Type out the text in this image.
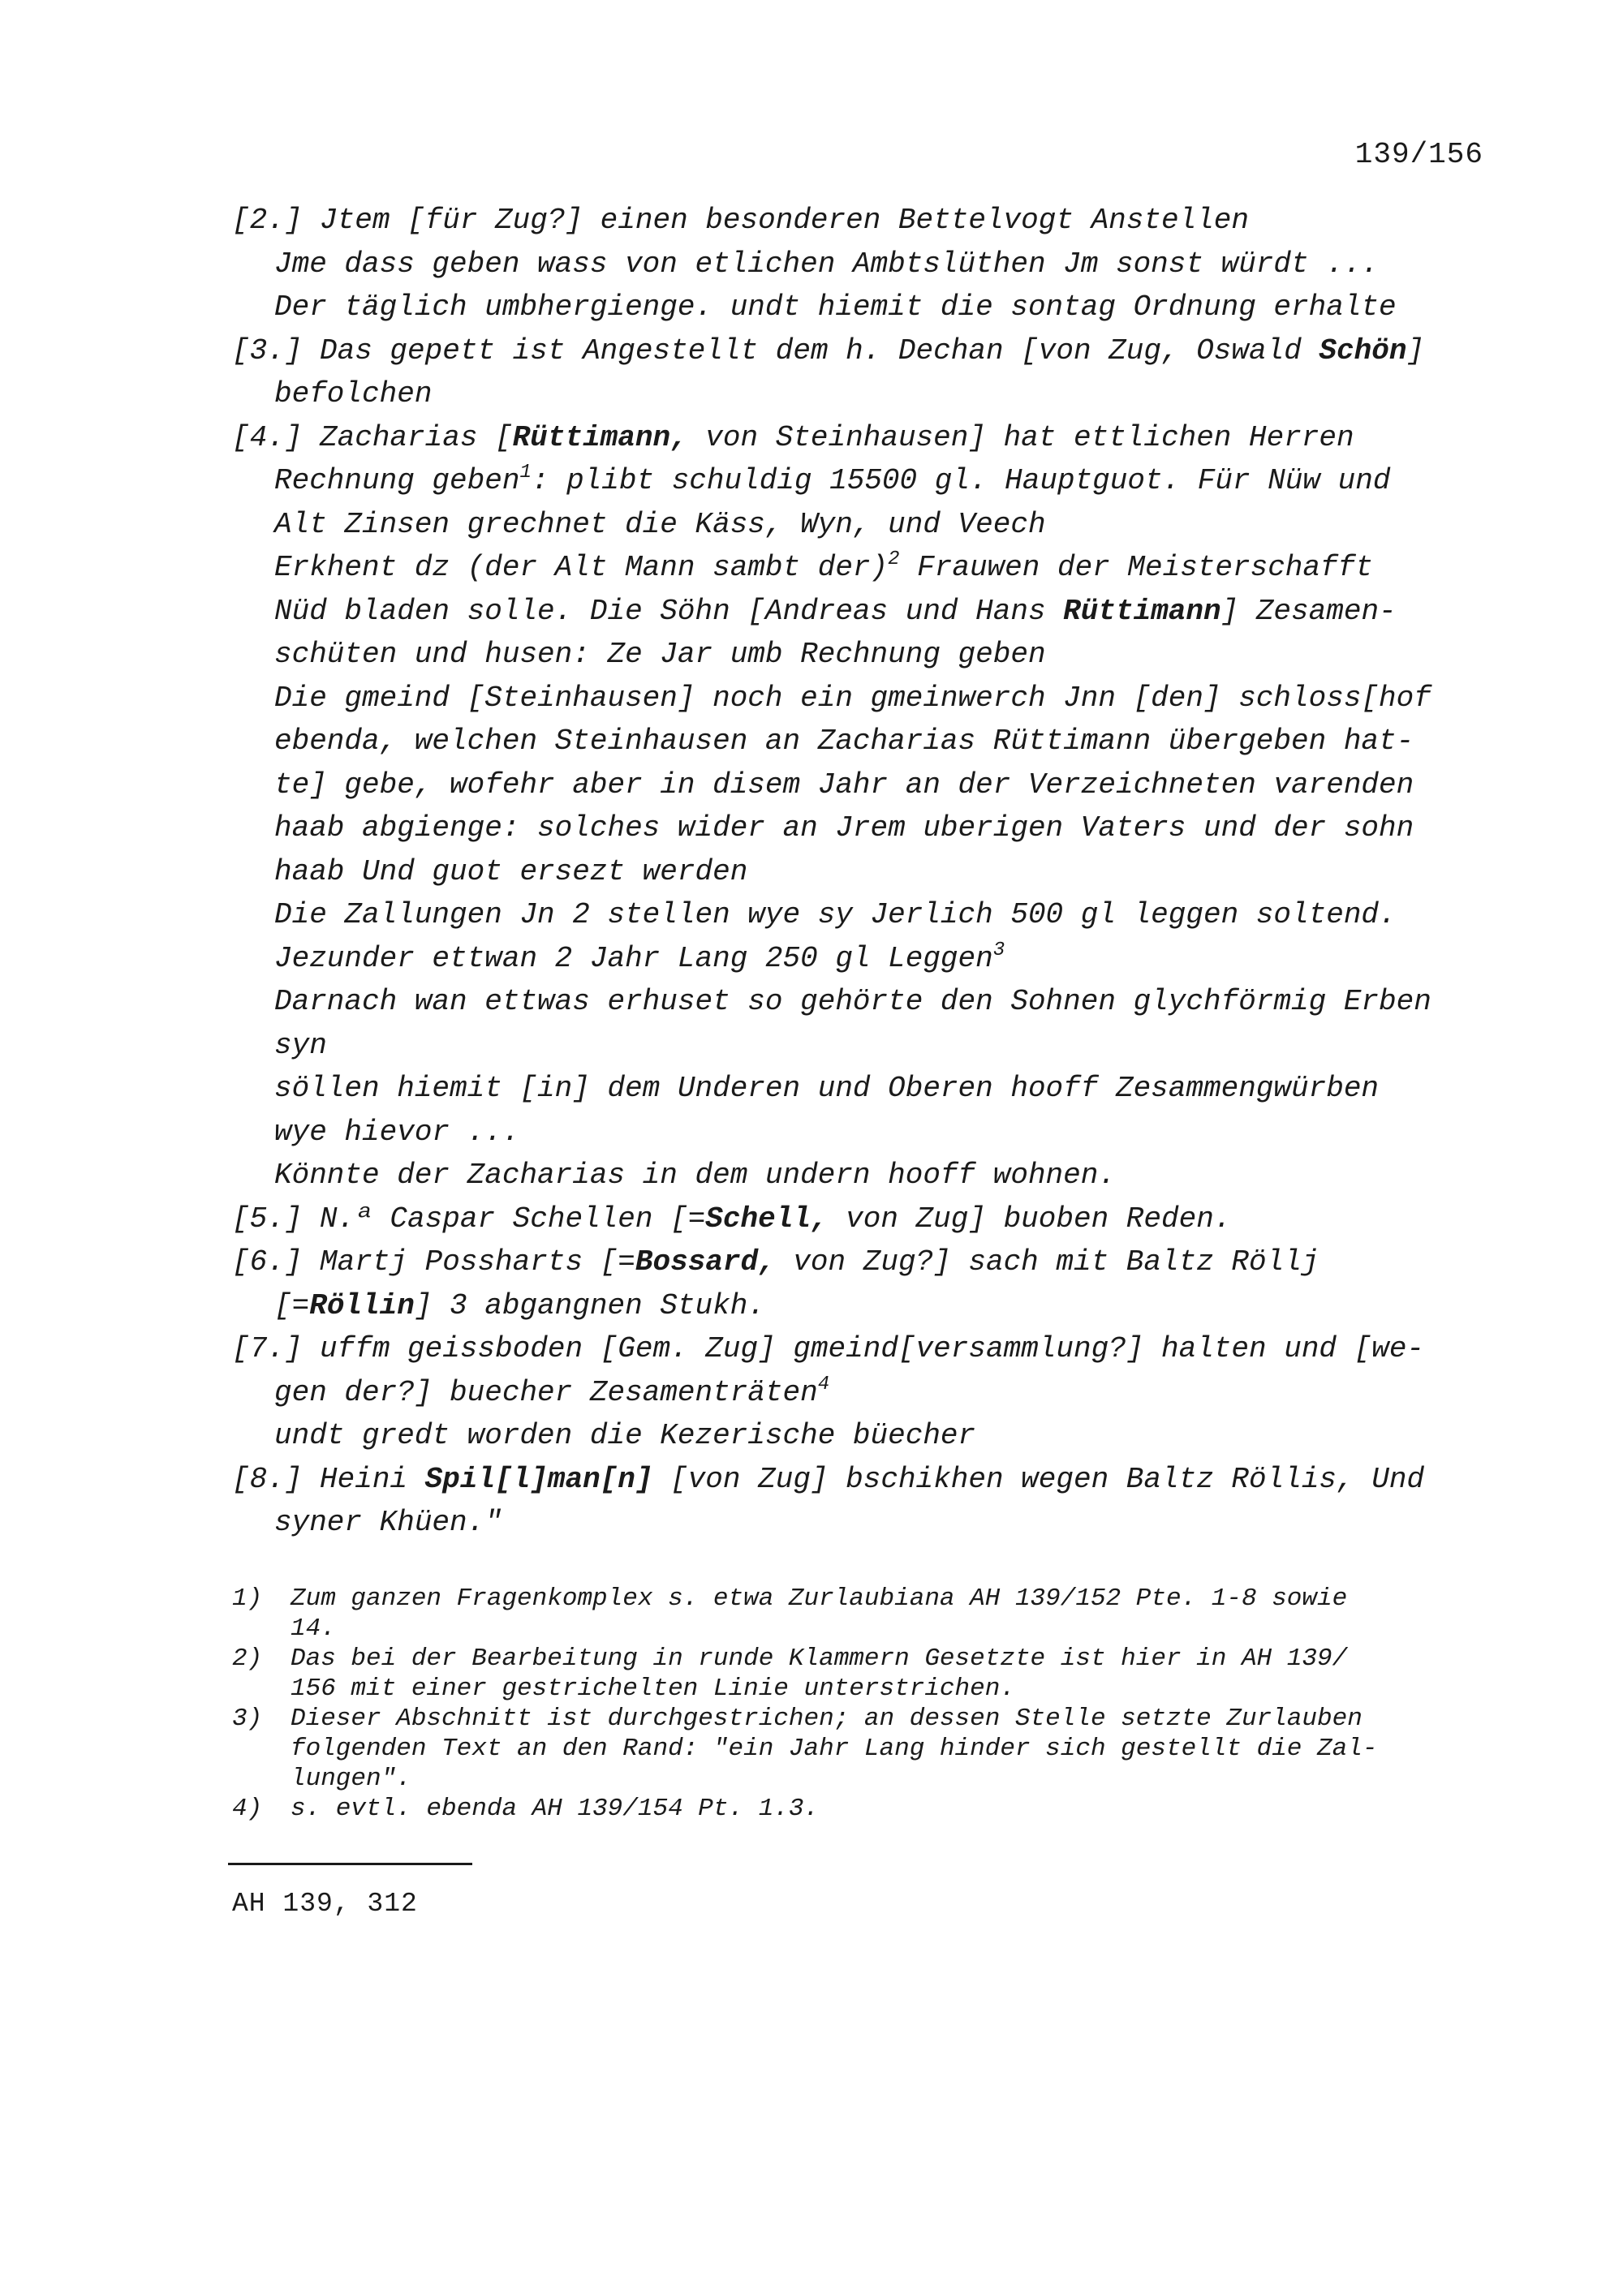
139/156
[2.] Jtem [für Zug?] einen besonderen Bettelvogt Anstellen
Jme dass geben wass von etlichen Ambtslüthen Jm sonst würdt ...
Der täglich umbhergienge. undt hiemit die sontag Ordnung erhalte
[3.] Das gepett ist Angestellt dem h. Dechan [von Zug, Oswald Schön]
befolchen
[4.] Zacharias [Rüttimann, von Steinhausen] hat ettlichen Herren
Rechnung geben$^1$: plibt schuldig 15500 gl. Hauptguot. Für Nüw und
Alt Zinsen grechnet die Käss, Wyn, und Veech
Erkhent dz (der Alt Mann sambt der)$^2$ Frauwen der Meisterschafft
Nüd bladen solle. Die Söhn [Andreas und Hans Rüttimann] Zesamen-
schüten und husen: Ze Jar umb Rechnung geben
Die gmeind [Steinhausen] noch ein gmeinwerch Jnn [den] schloss[hof
ebenda, welchen Steinhausen an Zacharias Rüttimann übergeben hat-
te] gebe, wofehr aber in disem Jahr an der Verzeichneten varenden
haab abgienge: solches wider an Jrem uberigen Vaters und der sohn
haab Und guot ersezt werden
Die Zallungen Jn 2 stellen wye sy Jerlich 500 gl leggen soltend.
Jezunder ettwan 2 Jahr Lang 250 gl Leggen$^3$
Darnach wan ettwas erhuset so gehörte den Sohnen glychförmig Erben
syn
söllen hiemit [in] dem Underen und Oberen hooff Zesammengwürben
wye hievor ...
Könnte der Zacharias in dem undern hooff wohnen.
[5.] N.ª Caspar Schellen [=Schell, von Zug] buoben Reden.
[6.] Martj Possharts [=Bossard, von Zug?] sach mit Baltz Röllj
[=Röllin] 3 abgangnen Stukh.
[7.] uffm geissboden [Gem. Zug] gmeind[versammlung?] halten und [we-
gen der?] buecher Zesamenträten$^4$
undt gredt worden die Kezerische büecher
[8.] Heini Spil[l]man[n] [von Zug] bschikhen wegen Baltz Röllis, Und
syner Khüen."
1)	Zum ganzen Fragenkomplex s. etwa Zurlaubiana AH 139/152 Pte. 1-8 sowie
14.
2)	Das bei der Bearbeitung in runde Klammern Gesetzte ist hier in AH 139/
156 mit einer gestrichelten Linie unterstrichen.
3)	Dieser Abschnitt ist durchgestrichen; an dessen Stelle setzte Zurlauben
folgenden Text an den Rand: "ein Jahr Lang hinder sich gestellt die Zal-
lungen".
4)	s. evtl. ebenda AH 139/154 Pt. 1.3.
AH 139, 312
